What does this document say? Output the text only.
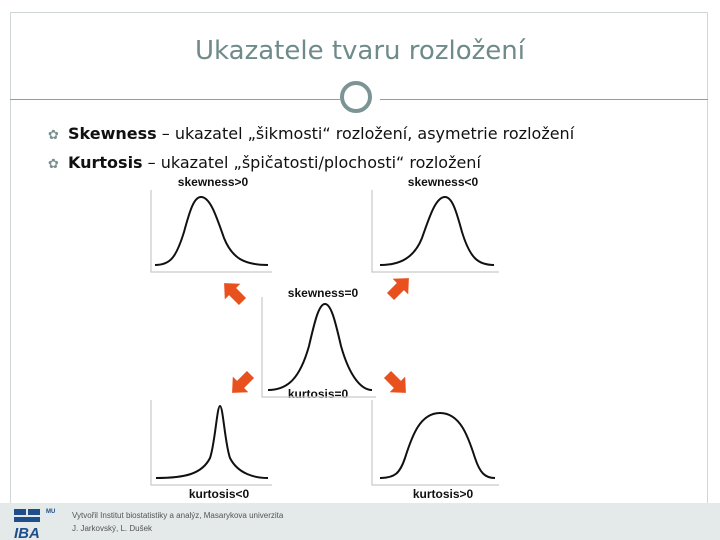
Ukazatele tvaru rozložení
✿ Skewness – ukazatel „šikmosti“ rozložení, asymetrie rozložení
✿ Kurtosis – ukazatel „špičatosti/plochosti“ rozložení
skewness>0	skewness<0
skewness=0
kurtosis=0
kurtosis<0	kurtosis>0
MU
IBA
Vytvořil Institut biostatistiky a analýz, Masarykova univerzita
J. Jarkovský, L. Dušek
